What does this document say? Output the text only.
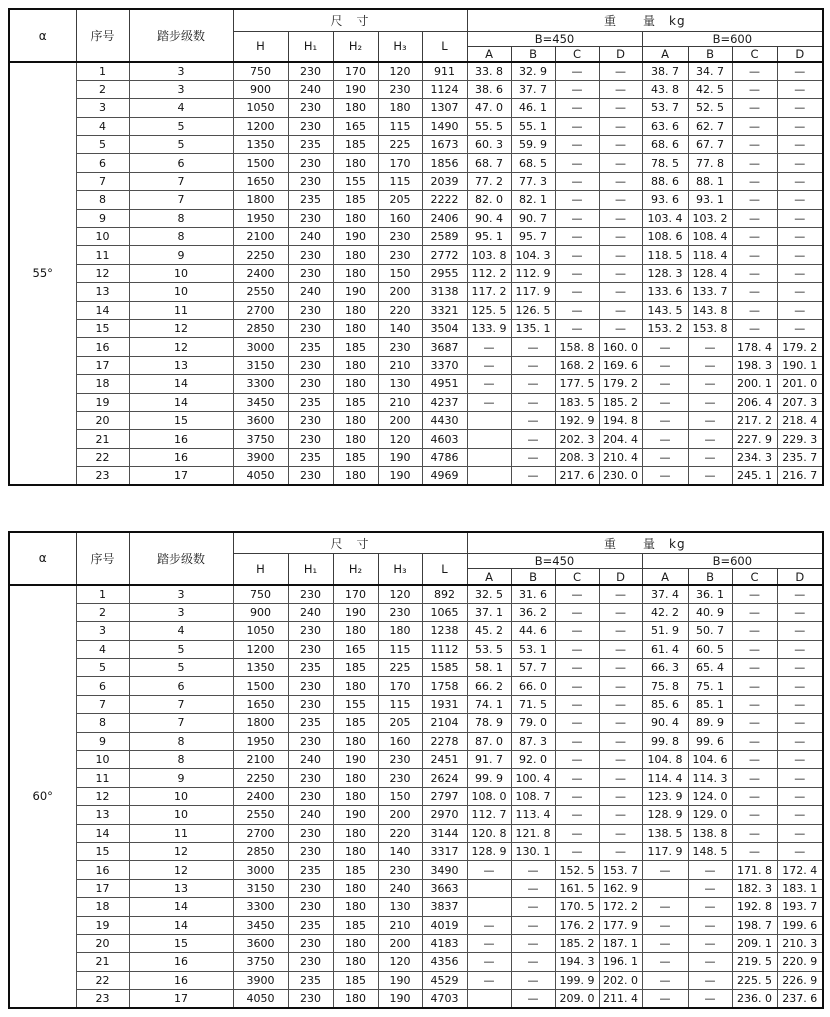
α	序号	踏步级数	尺　寸					重　　量　kg							
			H	H₁	H₂	H₃	L	B=450				B=600			
								A	B	C	D	A	B	C	D
55°	1	3	750	230	170	120	911	33. 8	32. 9	—	—	38. 7	34. 7	—	—
	2	3	900	240	190	230	1124	38. 6	37. 7	—	—	43. 8	42. 5	—	—
	3	4	1050	230	180	180	1307	47. 0	46. 1	—	—	53. 7	52. 5	—	—
	4	5	1200	230	165	115	1490	55. 5	55. 1	—	—	63. 6	62. 7	—	—
	5	5	1350	235	185	225	1673	60. 3	59. 9	—	—	68. 6	67. 7	—	—
	6	6	1500	230	180	170	1856	68. 7	68. 5	—	—	78. 5	77. 8	—	—
	7	7	1650	230	155	115	2039	77. 2	77. 3	—	—	88. 6	88. 1	—	—
	8	7	1800	235	185	205	2222	82. 0	82. 1	—	—	93. 6	93. 1	—	—
	9	8	1950	230	180	160	2406	90. 4	90. 7	—	—	103. 4	103. 2	—	—
	10	8	2100	240	190	230	2589	95. 1	95. 7	—	—	108. 6	108. 4	—	—
	11	9	2250	230	180	230	2772	103. 8	104. 3	—	—	118. 5	118. 4	—	—
	12	10	2400	230	180	150	2955	112. 2	112. 9	—	—	128. 3	128. 4	—	—
	13	10	2550	240	190	200	3138	117. 2	117. 9	—	—	133. 6	133. 7	—	—
	14	11	2700	230	180	220	3321	125. 5	126. 5	—	—	143. 5	143. 8	—	—
	15	12	2850	230	180	140	3504	133. 9	135. 1	—	—	153. 2	153. 8	—	—
	16	12	3000	235	185	230	3687	—	—	158. 8	160. 0	—	—	178. 4	179. 2
	17	13	3150	230	180	210	3370	—	—	168. 2	169. 6	—	—	198. 3	190. 1
	18	14	3300	230	180	130	4951	—	—	177. 5	179. 2	—	—	200. 1	201. 0
	19	14	3450	235	185	210	4237	—	—	183. 5	185. 2	—	—	206. 4	207. 3
	20	15	3600	230	180	200	4430		—	192. 9	194. 8	—	—	217. 2	218. 4
	21	16	3750	230	180	120	4603		—	202. 3	204. 4	—	—	227. 9	229. 3
	22	16	3900	235	185	190	4786		—	208. 3	210. 4	—	—	234. 3	235. 7
	23	17	4050	230	180	190	4969		—	217. 6	230. 0	—	—	245. 1	216. 7
α	序号	踏步级数	尺　寸					重　　量　kg							
			H	H₁	H₂	H₃	L	B=450				B=600			
								A	B	C	D	A	B	C	D
60°	1	3	750	230	170	120	892	32. 5	31. 6	—	—	37. 4	36. 1	—	—
	2	3	900	240	190	230	1065	37. 1	36. 2	—	—	42. 2	40. 9	—	—
	3	4	1050	230	180	180	1238	45. 2	44. 6	—	—	51. 9	50. 7	—	—
	4	5	1200	230	165	115	1112	53. 5	53. 1	—	—	61. 4	60. 5	—	—
	5	5	1350	235	185	225	1585	58. 1	57. 7	—	—	66. 3	65. 4	—	—
	6	6	1500	230	180	170	1758	66. 2	66. 0	—	—	75. 8	75. 1	—	—
	7	7	1650	230	155	115	1931	74. 1	71. 5	—	—	85. 6	85. 1	—	—
	8	7	1800	235	185	205	2104	78. 9	79. 0	—	—	90. 4	89. 9	—	—
	9	8	1950	230	180	160	2278	87. 0	87. 3	—	—	99. 8	99. 6	—	—
	10	8	2100	240	190	230	2451	91. 7	92. 0	—	—	104. 8	104. 6	—	—
	11	9	2250	230	180	230	2624	99. 9	100. 4	—	—	114. 4	114. 3	—	—
	12	10	2400	230	180	150	2797	108. 0	108. 7	—	—	123. 9	124. 0	—	—
	13	10	2550	240	190	200	2970	112. 7	113. 4	—	—	128. 9	129. 0	—	—
	14	11	2700	230	180	220	3144	120. 8	121. 8	—	—	138. 5	138. 8	—	—
	15	12	2850	230	180	140	3317	128. 9	130. 1	—	—	117. 9	148. 5	—	—
	16	12	3000	235	185	230	3490	—	—	152. 5	153. 7	—	—	171. 8	172. 4
	17	13	3150	230	180	240	3663		—	161. 5	162. 9		—	182. 3	183. 1
	18	14	3300	230	180	130	3837		—	170. 5	172. 2	—	—	192. 8	193. 7
	19	14	3450	235	185	210	4019	—	—	176. 2	177. 9	—	—	198. 7	199. 6
	20	15	3600	230	180	200	4183	—	—	185. 2	187. 1	—	—	209. 1	210. 3
	21	16	3750	230	180	120	4356	—	—	194. 3	196. 1	—	—	219. 5	220. 9
	22	16	3900	235	185	190	4529	—	—	199. 9	202. 0	—	—	225. 5	226. 9
	23	17	4050	230	180	190	4703		—	209. 0	211. 4	—	—	236. 0	237. 6
